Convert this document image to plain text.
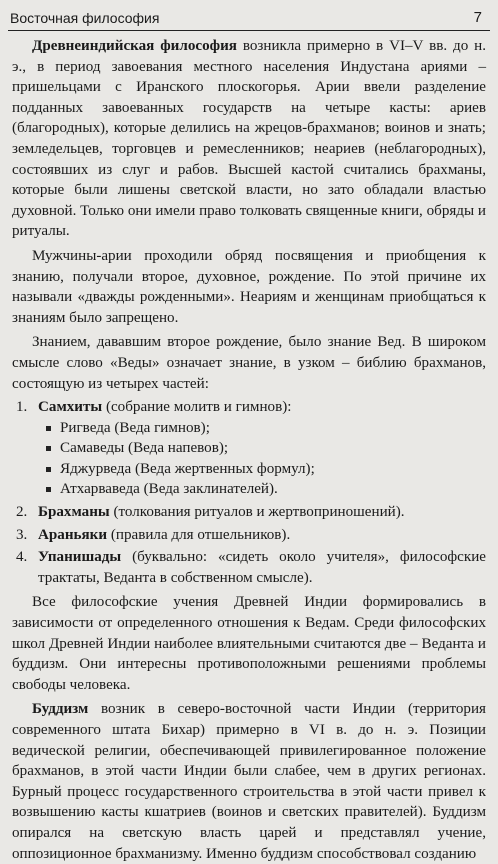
Восточная философия	7

Древнеиндийская философия возникла примерно в VI–V вв. до н. э., в период завоевания местного населения Индустана ариями – пришельцами с Иранского плоскогорья. Арии ввели разделение подданных завоеванных государств на четыре касты: ариев (благородных), которые делились на жрецов-брахманов; воинов и знать; земледельцев, торговцев и ремесленников; неариев (неблагородных), состоявших из слуг и рабов. Высшей кастой считались брахманы, которые были лишены светской власти, но зато обладали властью духовной. Только они имели право толковать священные книги, обряды и ритуалы.

Мужчины-арии проходили обряд посвящения и приобщения к знанию, получали второе, духовное, рождение. По этой причине их называли «дважды рожденными». Неариям и женщинам приобщаться к знаниям было запрещено.

Знанием, дававшим второе рождение, было знание Вед. В широком смысле слово «Веды» означает знание, в узком – библию брахманов, состоящую из четырех частей:

1. Самхиты (собрание молитв и гимнов):
Ригведа (Веда гимнов);
Самаведы (Веда напевов);
Яджурведа (Веда жертвенных формул);
Атхарваведа (Веда заклинателей).
2. Брахманы (толкования ритуалов и жертвоприношений).
3. Араньяки (правила для отшельников).
4. Упанишады (буквально: «сидеть около учителя», философские трактаты, Веданта в собственном смысле).

Все философские учения Древней Индии формировались в зависимости от определенного отношения к Ведам. Среди философских школ Древней Индии наиболее влиятельными считаются две – Веданта и буддизм. Они интересны противоположными решениями проблемы свободы человека.

Буддизм возник в северо-восточной части Индии (территория современного штата Бихар) примерно в VI в. до н. э. Позиции ведической религии, обеспечивающей привилегированное положение брахманов, в этой части Индии были слабее, чем в других регионах. Бурный процесс государственного строительства в этой части привел к возвышению касты кшатриев (воинов и светских правителей). Буддизм опирался на светскую власть царей и представлял учение, оппозиционное брахманизму. Именно буддизм способствовал созданию
